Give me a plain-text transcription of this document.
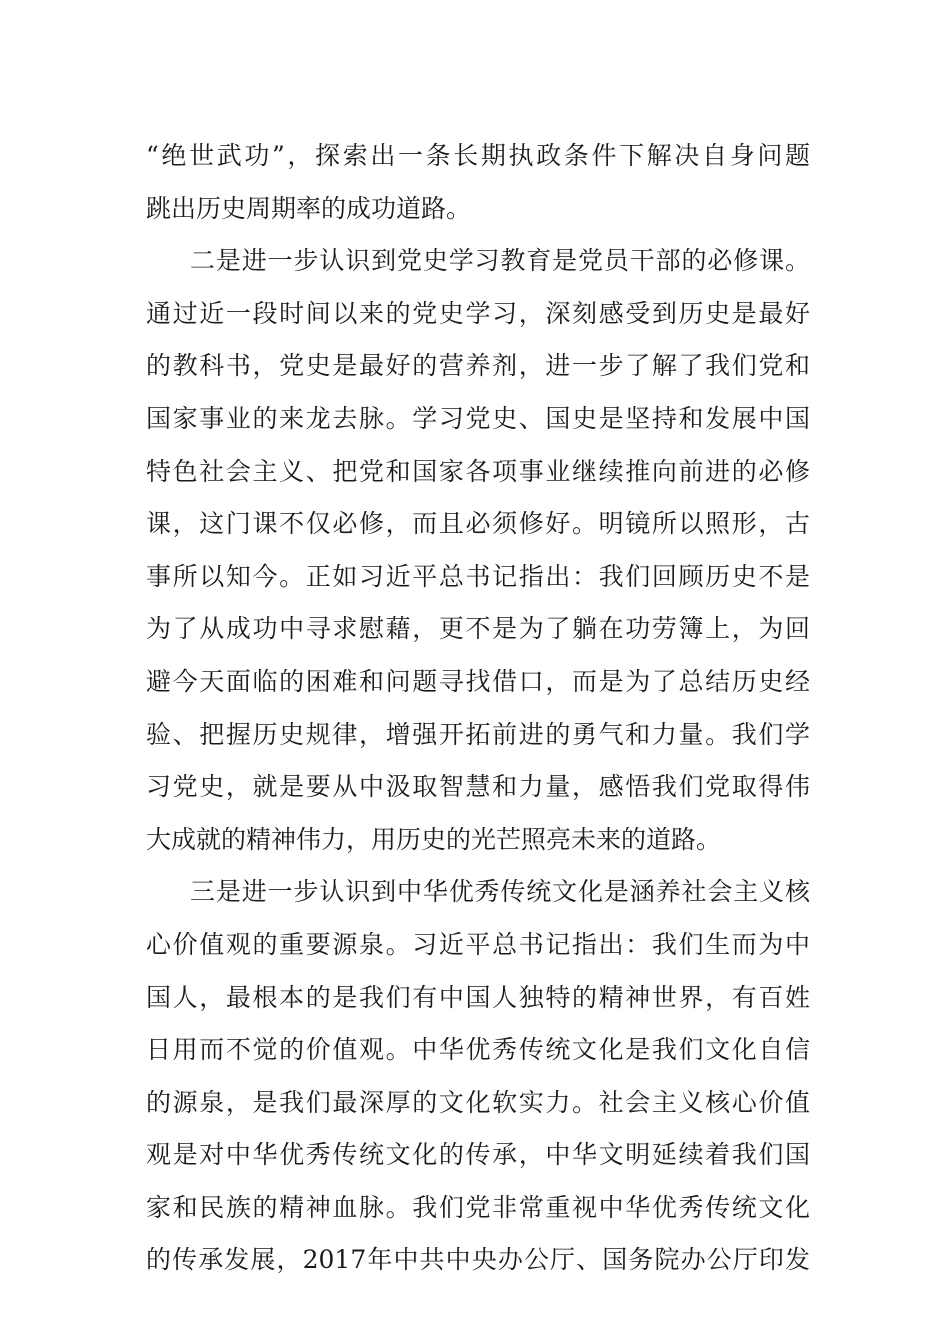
“绝世武功”，探索出一条长期执政条件下解决自身问题
跳出历史周期率的成功道路。
二是进一步认识到党史学习教育是党员干部的必修课。
通过近一段时间以来的党史学习，深刻感受到历史是最好
的教科书，党史是最好的营养剂，进一步了解了我们党和
国家事业的来龙去脉。学习党史、国史是坚持和发展中国
特色社会主义、把党和国家各项事业继续推向前进的必修
课，这门课不仅必修，而且必须修好。明镜所以照形，古
事所以知今。正如习近平总书记指出：我们回顾历史不是
为了从成功中寻求慰藉，更不是为了躺在功劳簿上，为回
避今天面临的困难和问题寻找借口，而是为了总结历史经
验、把握历史规律，增强开拓前进的勇气和力量。我们学
习党史，就是要从中汲取智慧和力量，感悟我们党取得伟
大成就的精神伟力，用历史的光芒照亮未来的道路。
三是进一步认识到中华优秀传统文化是涵养社会主义核
心价值观的重要源泉。习近平总书记指出：我们生而为中
国人，最根本的是我们有中国人独特的精神世界，有百姓
日用而不觉的价值观。中华优秀传统文化是我们文化自信
的源泉，是我们最深厚的文化软实力。社会主义核心价值
观是对中华优秀传统文化的传承，中华文明延续着我们国
家和民族的精神血脉。我们党非常重视中华优秀传统文化
的传承发展，2017年中共中央办公厅、国务院办公厅印发
